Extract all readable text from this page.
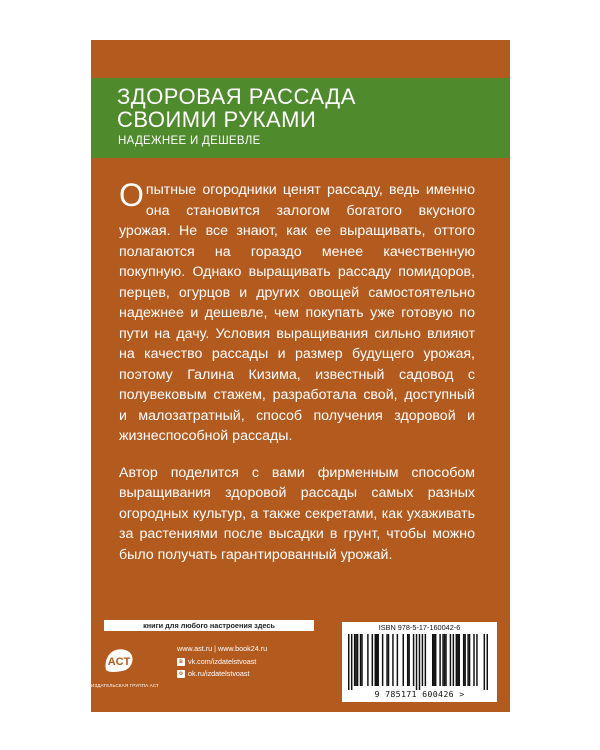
ЗДОРОВАЯ РАССАДА
СВОИМИ РУКАМИ
НАДЕЖНЕЕ И ДЕШЕВЛЕ

Опытные огородники ценят рассаду, ведь именно она становится залогом богатого вкусного урожая. Не все знают, как ее выращивать, оттого полагаются на гораздо менее качественную покупную. Однако выращивать рассаду помидоров, перцев, огурцов и других овощей самостоятельно надежнее и дешевле, чем покупать уже готовую по пути на дачу. Условия выращивания сильно влияют на качество рассады и размер будущего урожая, поэтому Галина Кизима, известный садовод с полувековым стажем, разработала свой, доступный и малозатратный, способ получения здоровой и жизнеспособной рассады.

Автор поделится с вами фирменным способом выращивания здоровой рассады самых разных огородных культур, а также секретами, как ухаживать за растениями после высадки в грунт, чтобы можно было получать гарантированный урожай.

книги для любого настроения здесь
ACT
ИЗДАТЕЛЬСКАЯ ГРУППА АСТ
www.ast.ru | www.book24.ru
в vk.com/izdatelstvoast
о ok.ru/izdatelstvoast
ISBN 978-5-17-160042-6
9 785171 600426 >
